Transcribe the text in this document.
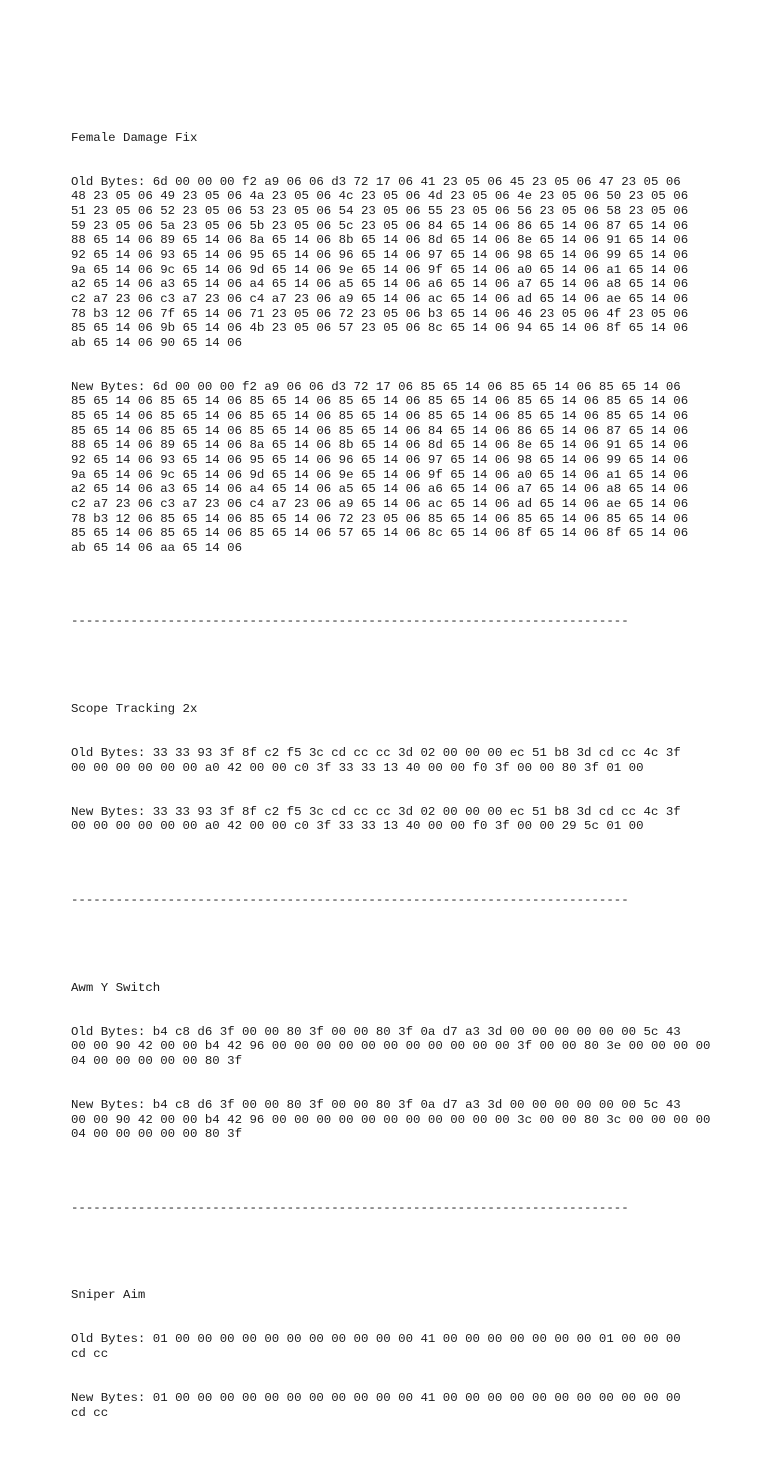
Female Damage Fix

Old Bytes: 6d 00 00 00 f2 a9 06 06 d3 72 17 06 41 23 05 06 45 23 05 06 47 23 05 06
48 23 05 06 49 23 05 06 4a 23 05 06 4c 23 05 06 4d 23 05 06 4e 23 05 06 50 23 05 06
51 23 05 06 52 23 05 06 53 23 05 06 54 23 05 06 55 23 05 06 56 23 05 06 58 23 05 06
59 23 05 06 5a 23 05 06 5b 23 05 06 5c 23 05 06 84 65 14 06 86 65 14 06 87 65 14 06
88 65 14 06 89 65 14 06 8a 65 14 06 8b 65 14 06 8d 65 14 06 8e 65 14 06 91 65 14 06
92 65 14 06 93 65 14 06 95 65 14 06 96 65 14 06 97 65 14 06 98 65 14 06 99 65 14 06
9a 65 14 06 9c 65 14 06 9d 65 14 06 9e 65 14 06 9f 65 14 06 a0 65 14 06 a1 65 14 06
a2 65 14 06 a3 65 14 06 a4 65 14 06 a5 65 14 06 a6 65 14 06 a7 65 14 06 a8 65 14 06
c2 a7 23 06 c3 a7 23 06 c4 a7 23 06 a9 65 14 06 ac 65 14 06 ad 65 14 06 ae 65 14 06
78 b3 12 06 7f 65 14 06 71 23 05 06 72 23 05 06 b3 65 14 06 46 23 05 06 4f 23 05 06
85 65 14 06 9b 65 14 06 4b 23 05 06 57 23 05 06 8c 65 14 06 94 65 14 06 8f 65 14 06
ab 65 14 06 90 65 14 06

New Bytes: 6d 00 00 00 f2 a9 06 06 d3 72 17 06 85 65 14 06 85 65 14 06 85 65 14 06
85 65 14 06 85 65 14 06 85 65 14 06 85 65 14 06 85 65 14 06 85 65 14 06 85 65 14 06
85 65 14 06 85 65 14 06 85 65 14 06 85 65 14 06 85 65 14 06 85 65 14 06 85 65 14 06
85 65 14 06 85 65 14 06 85 65 14 06 85 65 14 06 84 65 14 06 86 65 14 06 87 65 14 06
88 65 14 06 89 65 14 06 8a 65 14 06 8b 65 14 06 8d 65 14 06 8e 65 14 06 91 65 14 06
92 65 14 06 93 65 14 06 95 65 14 06 96 65 14 06 97 65 14 06 98 65 14 06 99 65 14 06
9a 65 14 06 9c 65 14 06 9d 65 14 06 9e 65 14 06 9f 65 14 06 a0 65 14 06 a1 65 14 06
a2 65 14 06 a3 65 14 06 a4 65 14 06 a5 65 14 06 a6 65 14 06 a7 65 14 06 a8 65 14 06
c2 a7 23 06 c3 a7 23 06 c4 a7 23 06 a9 65 14 06 ac 65 14 06 ad 65 14 06 ae 65 14 06
78 b3 12 06 85 65 14 06 85 65 14 06 72 23 05 06 85 65 14 06 85 65 14 06 85 65 14 06
85 65 14 06 85 65 14 06 85 65 14 06 57 65 14 06 8c 65 14 06 8f 65 14 06 8f 65 14 06
ab 65 14 06 aa 65 14 06

---------------------------------------------------------------------------

Scope Tracking 2x

Old Bytes: 33 33 93 3f 8f c2 f5 3c cd cc cc 3d 02 00 00 00 ec 51 b8 3d cd cc 4c 3f
00 00 00 00 00 00 a0 42 00 00 c0 3f 33 33 13 40 00 00 f0 3f 00 00 80 3f 01 00

New Bytes: 33 33 93 3f 8f c2 f5 3c cd cc cc 3d 02 00 00 00 ec 51 b8 3d cd cc 4c 3f
00 00 00 00 00 00 a0 42 00 00 c0 3f 33 33 13 40 00 00 f0 3f 00 00 29 5c 01 00

---------------------------------------------------------------------------

Awm Y Switch

Old Bytes: b4 c8 d6 3f 00 00 80 3f 00 00 80 3f 0a d7 a3 3d 00 00 00 00 00 00 5c 43
00 00 90 42 00 00 b4 42 96 00 00 00 00 00 00 00 00 00 00 00 3f 00 00 80 3e 00 00 00 00
04 00 00 00 00 00 80 3f

New Bytes: b4 c8 d6 3f 00 00 80 3f 00 00 80 3f 0a d7 a3 3d 00 00 00 00 00 00 5c 43
00 00 90 42 00 00 b4 42 96 00 00 00 00 00 00 00 00 00 00 00 3c 00 00 80 3c 00 00 00 00
04 00 00 00 00 00 80 3f

---------------------------------------------------------------------------

Sniper Aim

Old Bytes: 01 00 00 00 00 00 00 00 00 00 00 00 41 00 00 00 00 00 00 00 01 00 00 00
cd cc

New Bytes: 01 00 00 00 00 00 00 00 00 00 00 00 41 00 00 00 00 00 00 00 00 00 00 00
cd cc
